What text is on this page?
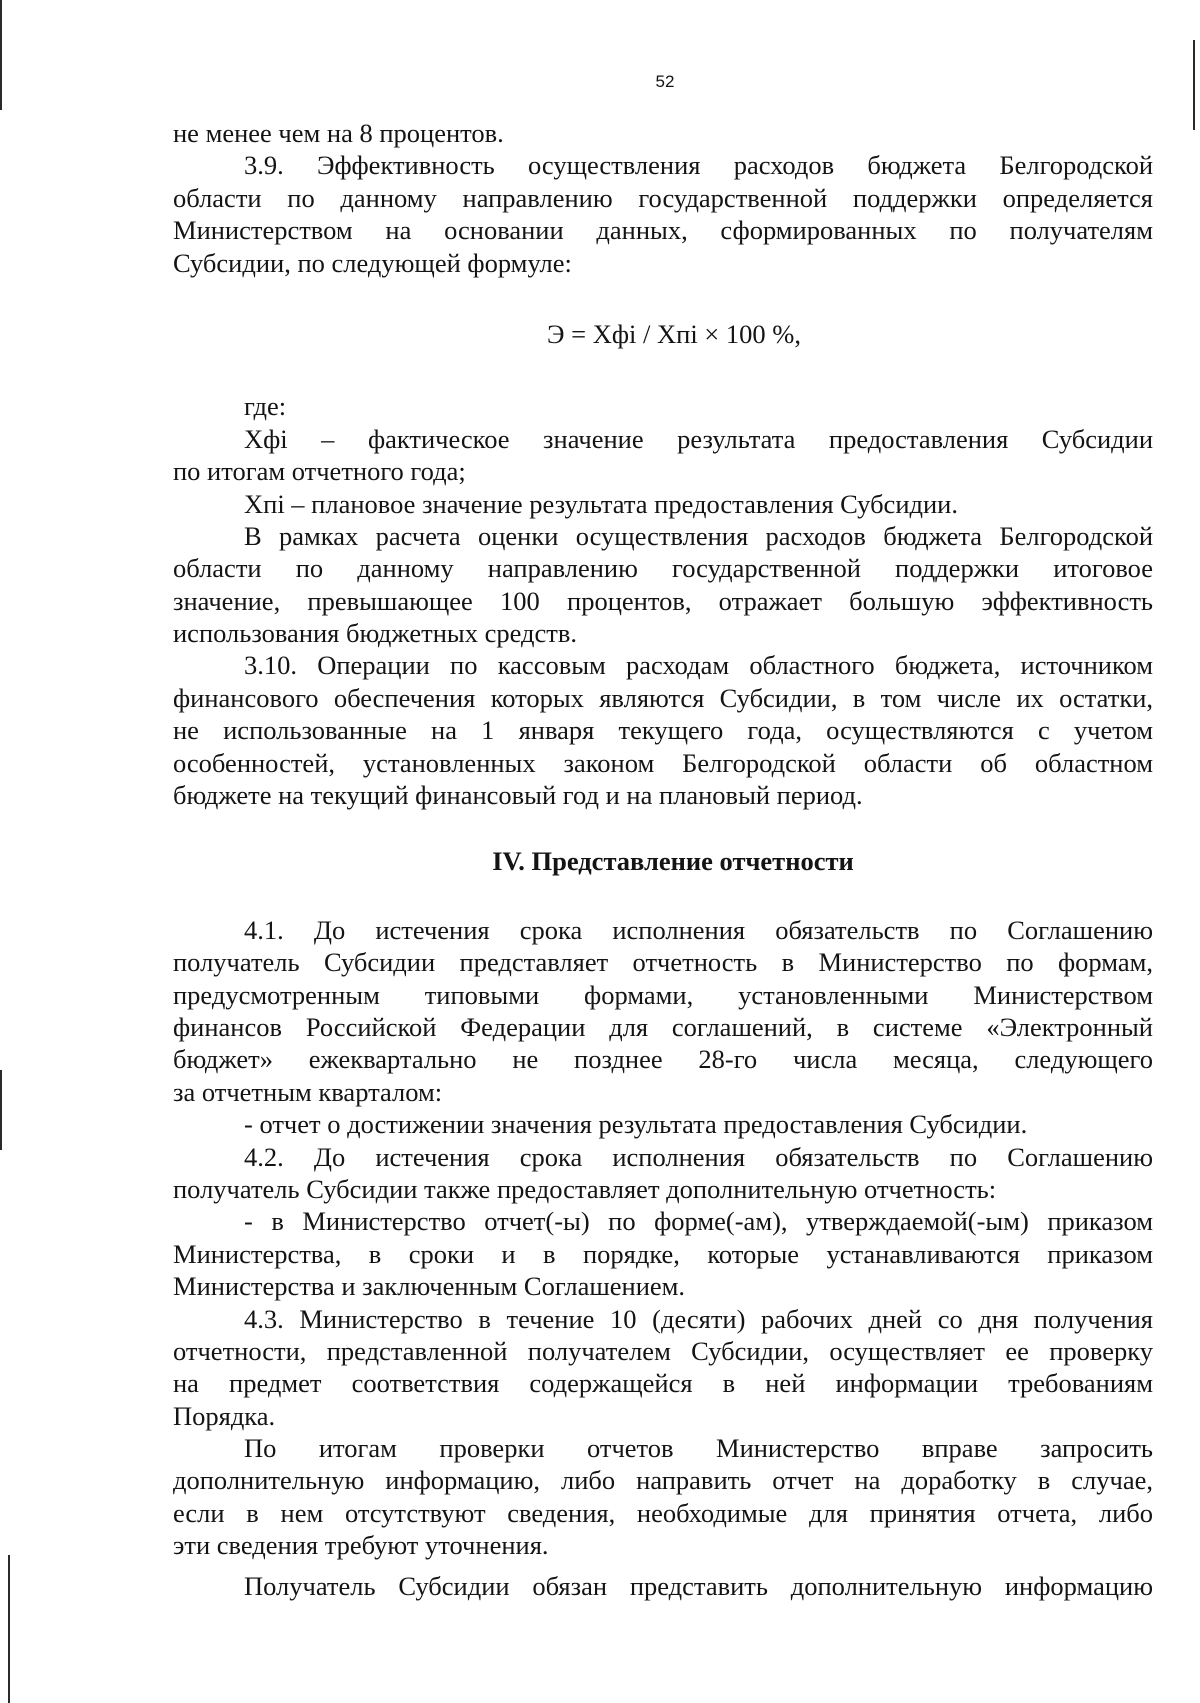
52
не менее чем на 8 процентов.
3.9. Эффективность осуществления расходов бюджета Белгородской
области по данному направлению государственной поддержки определяется
Министерством на основании данных, сформированных по получателям
Субсидии, по следующей формуле:
Э = Хфi / Хпi × 100 %,
где:
Хфi – фактическое значение результата предоставления Субсидии
по итогам отчетного года;
Хпi – плановое значение результата предоставления Субсидии.
В рамках расчета оценки осуществления расходов бюджета Белгородской
области по данному направлению государственной поддержки итоговое
значение, превышающее 100 процентов, отражает большую эффективность
использования бюджетных средств.
3.10. Операции по кассовым расходам областного бюджета, источником
финансового обеспечения которых являются Субсидии, в том числе их остатки,
не использованные на 1 января текущего года, осуществляются с учетом
особенностей, установленных законом Белгородской области об областном
бюджете на текущий финансовый год и на плановый период.
IV. Представление отчетности
4.1. До истечения срока исполнения обязательств по Соглашению
получатель Субсидии представляет отчетность в Министерство по формам,
предусмотренным типовыми формами, установленными Министерством
финансов Российской Федерации для соглашений, в системе «Электронный
бюджет» ежеквартально не позднее 28-го числа месяца, следующего
за отчетным кварталом:
- отчет о достижении значения результата предоставления Субсидии.
4.2. До истечения срока исполнения обязательств по Соглашению
получатель Субсидии также предоставляет дополнительную отчетность:
- в Министерство отчет(-ы) по форме(-ам), утверждаемой(-ым) приказом
Министерства, в сроки и в порядке, которые устанавливаются приказом
Министерства и заключенным Соглашением.
4.3. Министерство в течение 10 (десяти) рабочих дней со дня получения
отчетности, представленной получателем Субсидии, осуществляет ее проверку
на предмет соответствия содержащейся в ней информации требованиям
Порядка.
По итогам проверки отчетов Министерство вправе запросить
дополнительную информацию, либо направить отчет на доработку в случае,
если в нем отсутствуют сведения, необходимые для принятия отчета, либо
эти сведения требуют уточнения.
Получатель Субсидии обязан представить дополнительную информацию
